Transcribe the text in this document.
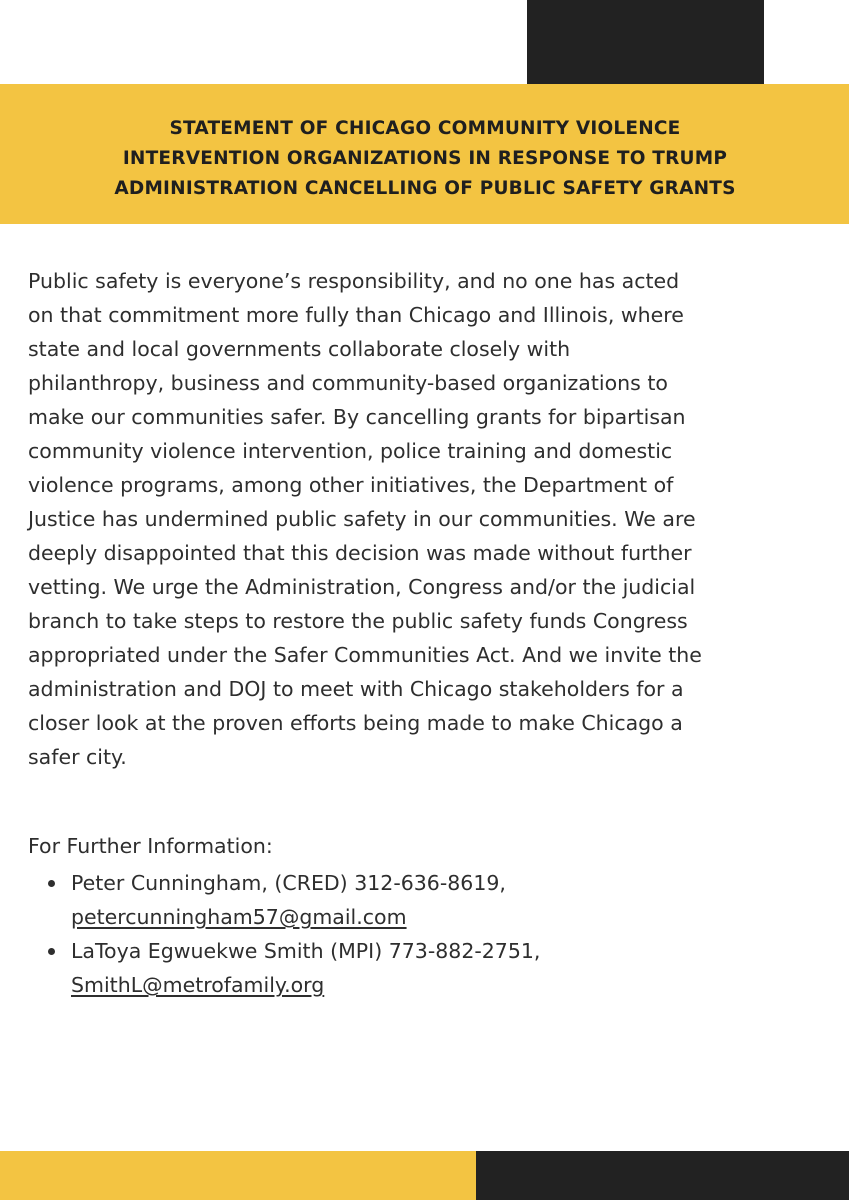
STATEMENT OF CHICAGO COMMUNITY VIOLENCE
INTERVENTION ORGANIZATIONS IN RESPONSE TO TRUMP
ADMINISTRATION CANCELLING OF PUBLIC SAFETY GRANTS

Public safety is everyone’s responsibility, and no one has acted
on that commitment more fully than Chicago and Illinois, where
state and local governments collaborate closely with
philanthropy, business and community-based organizations to
make our communities safer. By cancelling grants for bipartisan
community violence intervention, police training and domestic
violence programs, among other initiatives, the Department of
Justice has undermined public safety in our communities. We are
deeply disappointed that this decision was made without further
vetting. We urge the Administration, Congress and/or the judicial
branch to take steps to restore the public safety funds Congress
appropriated under the Safer Communities Act. And we invite the
administration and DOJ to meet with Chicago stakeholders for a
closer look at the proven efforts being made to make Chicago a
safer city.

For Further Information:

Peter Cunningham, (CRED) 312-636-8619,
petercunningham57@gmail.com
LaToya Egwuekwe Smith (MPI) 773-882-2751,
SmithL@metrofamily.org
